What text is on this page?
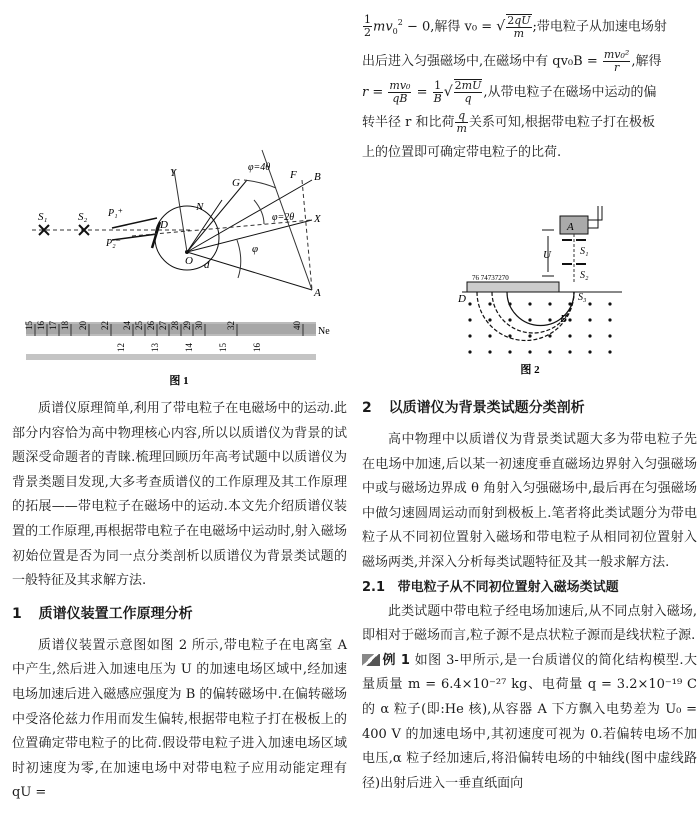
S₁	S₂ P₁⁺
P₂⁻
D
O d
Y
G
N
F B
X
A
φ
φ=4θ
φ=2θ
15 16 17 18 20 22 24 25 26 27 28 29 30 32	40
Ne
12	13	14	15	16
图 1

质谱仪原理简单,利用了带电粒子在电磁场中的运动.此部分内容恰为高中物理核心内容,所以以质谱仪为背景的试题深受命题者的青睐.梳理回顾历年高考试题中以质谱仪为背景类题目发现,大多考查质谱仪的工作原理及其工作原理的拓展——带电粒子在磁场中的运动.本文先介绍质谱仪装置的工作原理,再根据带电粒子在电磁场中运动时,射入磁场初始位置是否为同一点分类剖析以质谱仪为背景类试题的一般特征及其求解方法.

1 质谱仪装置工作原理分析

质谱仪装置示意图如图 2 所示,带电粒子在电离室 A 中产生,然后进入加速电压为 U 的加速电场区域中,经加速电场加速后进入磁感应强度为 B 的偏转磁场中.在偏转磁场中受洛伦兹力作用而发生偏转,根据带电粒子打在极板上的位置确定带电粒子的比荷.假设带电粒子进入加速电场区域时初速度为零,在加速电场中对带电粒子应用动能定理有 qU =

$\frac{1}{2} mv_0^2 - 0$,解得 v₀ = √ $\frac{2qU}{m}$ ;带电粒子从加速电场射
出后进入匀强磁场中,在磁场中有 $qv_0B = \frac{\text{mv₀²}}{r}$ ,解得
$r = \frac{\text{mv₀}}{qB} = \frac{1}{B}$ √ $\frac{2mU}{q}$ ,从带电粒子在磁场中运动的偏
转半径 r 和比荷 $\frac{q}{m}$ 关系可知,根据带电粒子打在极板
上的位置即可确定带电粒子的比荷.
A
U	S₁
S₂
76 74737270
S₃
D
B
图 2
2 以质谱仪为背景类试题分类剖析

高中物理中以质谱仪为背景类试题大多为带电粒子先在电场中加速,后以某一初速度垂直磁场边界射入匀强磁场中或与磁场边界成 θ 角射入匀强磁场中,最后再在匀强磁场中做匀速圆周运动而射到极板上.笔者将此类试题分为带电粒子从不同初位置射入磁场和带电粒子从相同初位置射入磁场两类,并深入分析每类试题特征及其一般求解方法.

2.1 带电粒子从不同初位置射入磁场类试题

此类试题中带电粒子经电场加速后,从不同点射入磁场,即相对于磁场而言,粒子源不是点状粒子源而是线状粒子源.

例 1 如图 3-甲所示,是一台质谱仪的简化结构模型.大量质量 m = 6.4×10⁻²⁷ kg、电荷量 q = 3.2×10⁻¹⁹ C 的 α 粒子(即:He 核),从容器 A 下方飘入电势差为 U₀ = 400 V 的加速电场中,其初速度可视为 0.若偏转电场不加电压,α 粒子经加速后,将沿偏转电场的中轴线(图中虚线路径)出射后进入一垂直纸面向
